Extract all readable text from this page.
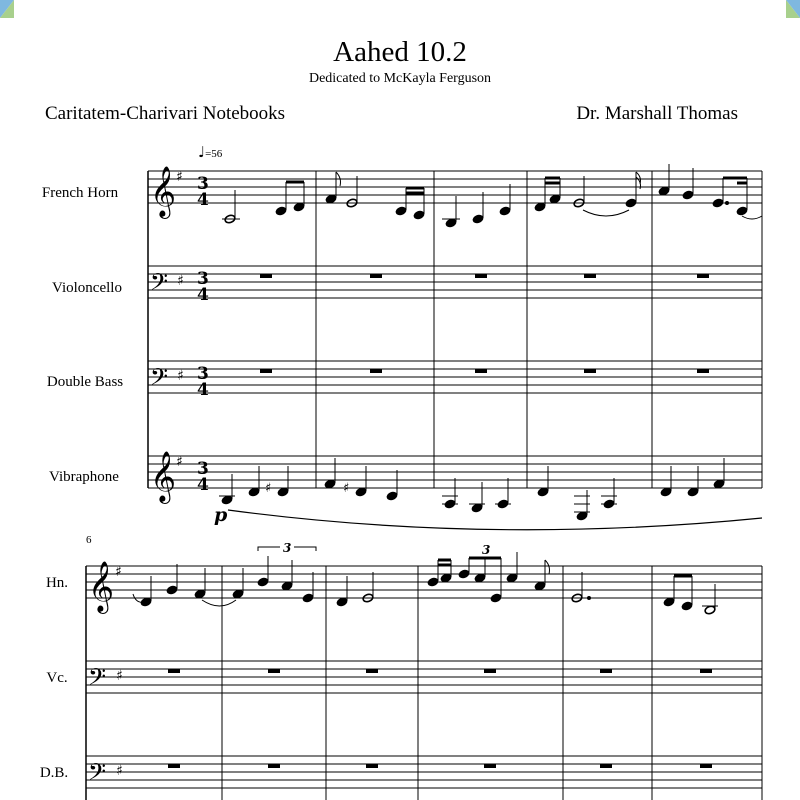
Aahed 10.2
Dedicated to McKayla Ferguson
Caritatem-Charivari Notebooks	Dr. Marshall Thomas
♩=56
French Horn
Violoncello
Double Bass
Vibraphone
6
Hn.
Vc.
D.B.
𝄞
𝄢
𝄢
𝄞
♯
♯
♯
♯
3
4
3
4
3
4
3
4	♯	♯
p
𝄞
𝄢
𝄢
♯
♯
♯
3	3
